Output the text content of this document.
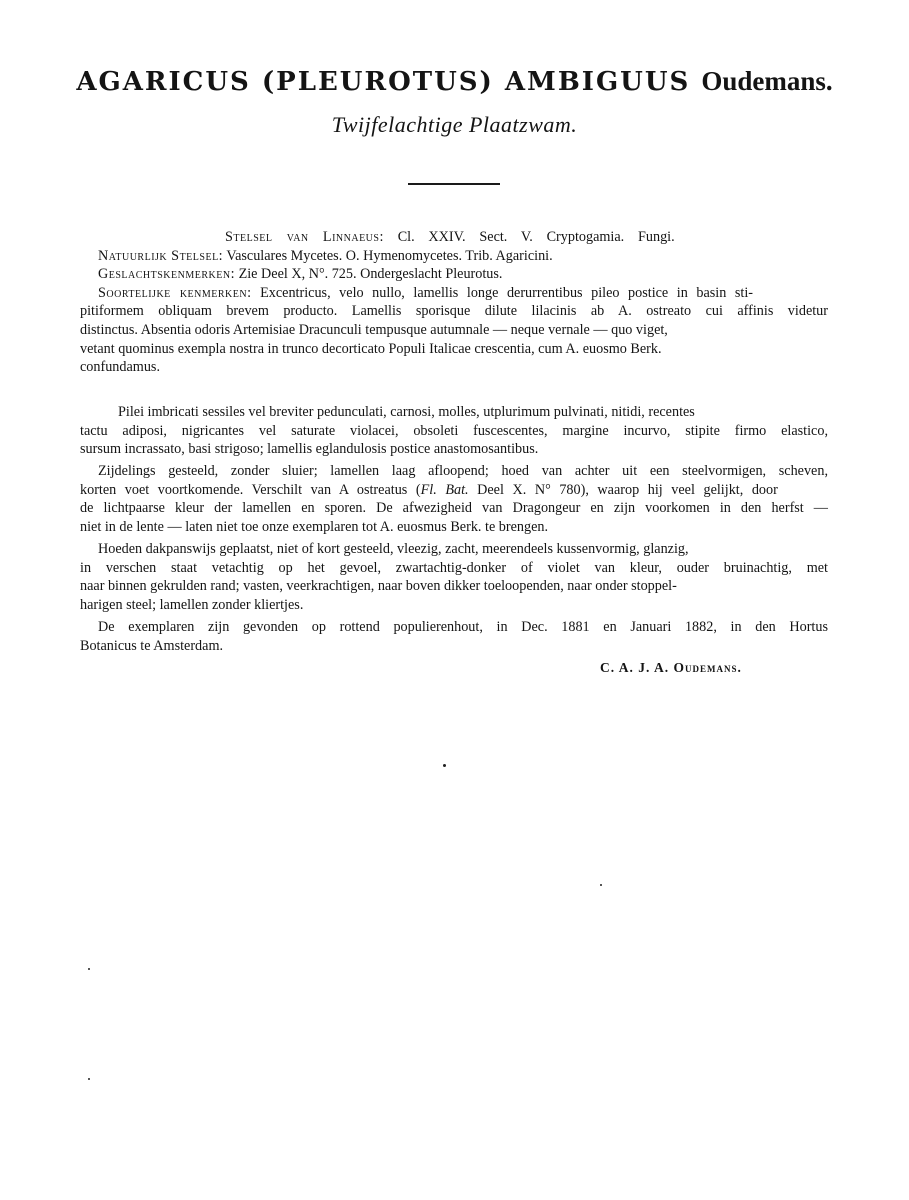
AGARICUS (PLEUROTUS) AMBIGUUS Oudemans.
Twijfelachtige Plaatzwam.
Stelsel van Linnaeus: Cl. XXIV. Sect. V. Cryptogamia. Fungi.
Natuurlijk Stelsel: Vasculares Mycetes. O. Hymenomycetes. Trib. Agaricini.
Geslachtskenmerken: Zie Deel X, N°. 725. Ondergeslacht Pleurotus.
Soortelijke kenmerken: Excentricus, velo nullo, lamellis longe derurrentibus pileo postice in basin sti-
pitiformem obliquam brevem producto. Lamellis sporisque dilute lilacinis ab A. ostreato cui affinis videtur
distinctus. Absentia odoris Artemisiae Dracunculi tempusque autumnale — neque vernale — quo viget,
vetant quominus exempla nostra in trunco decorticato Populi Italicae crescentia, cum A. euosmo Berk.
confundamus.
Pilei imbricati sessiles vel breviter pedunculati, carnosi, molles, utplurimum pulvinati, nitidi, recentes
tactu adiposi, nigricantes vel saturate violacei, obsoleti fuscescentes, margine incurvo, stipite firmo elastico,
sursum incrassato, basi strigoso; lamellis eglandulosis postice anastomosantibus.
Zijdelings gesteeld, zonder sluier; lamellen laag afloopend; hoed van achter uit een steelvormigen, scheven,
korten voet voortkomende. Verschilt van A ostreatus (Fl. Bat. Deel X. N° 780), waarop hij veel gelijkt, door
de lichtpaarse kleur der lamellen en sporen. De afwezigheid van Dragongeur en zijn voorkomen in den herfst —
niet in de lente — laten niet toe onze exemplaren tot A. euosmus Berk. te brengen.
Hoeden dakpanswijs geplaatst, niet of kort gesteeld, vleezig, zacht, meerendeels kussenvormig, glanzig,
in verschen staat vetachtig op het gevoel, zwartachtig-donker of violet van kleur, ouder bruinachtig, met
naar binnen gekrulden rand; vasten, veerkrachtigen, naar boven dikker toeloopenden, naar onder stoppel-
harigen steel; lamellen zonder kliertjes.
De exemplaren zijn gevonden op rottend populierenhout, in Dec. 1881 en Januari 1882, in den Hortus
Botanicus te Amsterdam.
C. A. J. A. Oudemans.
